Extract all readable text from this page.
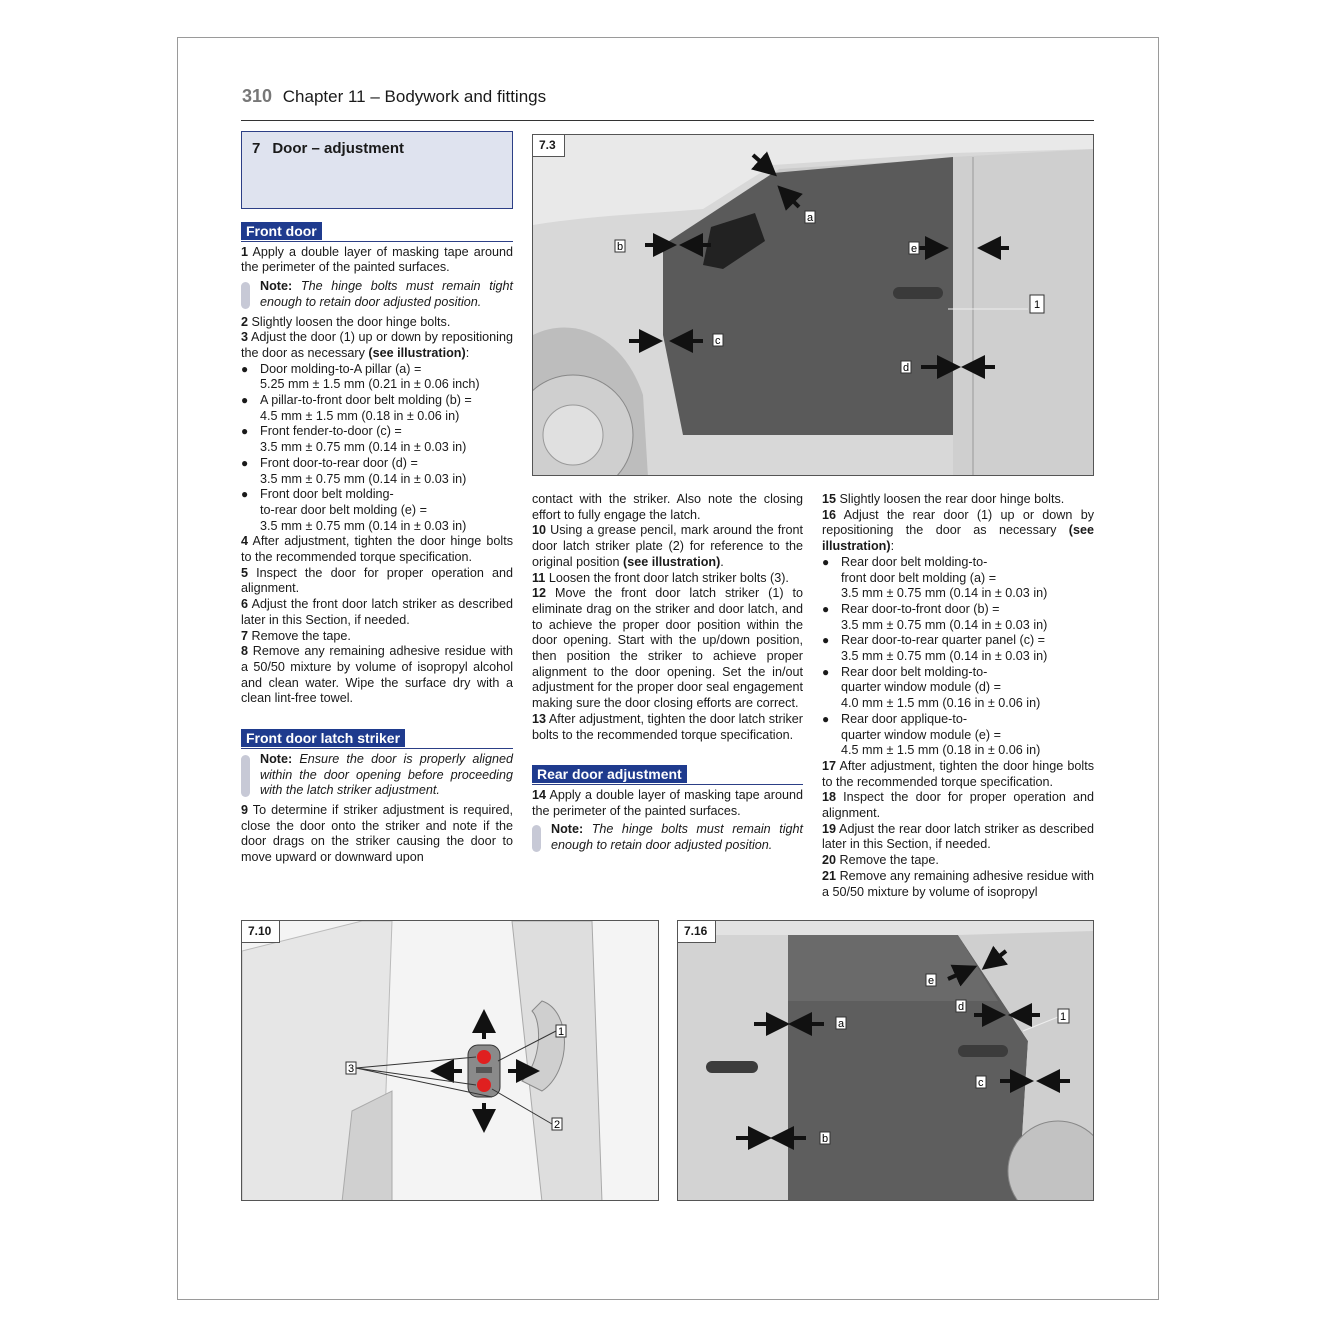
310 Chapter 11 – Bodywork and fittings
7 Door – adjustment
Front door

1 Apply a double layer of masking tape around the perimeter of the painted surfaces.

Note: The hinge bolts must remain tight enough to retain door adjusted position.

2 Slightly loosen the door hinge bolts.

3 Adjust the door (1) up or down by repositioning the door as necessary (see illustration):

● Door molding-to-A pillar (a) =
5.25 mm ± 1.5 mm (0.21 in ± 0.06 inch)
● A pillar-to-front door belt molding (b) =
4.5 mm ± 1.5 mm (0.18 in ± 0.06 in)
● Front fender-to-door (c) =
3.5 mm ± 0.75 mm (0.14 in ± 0.03 in)
● Front door-to-rear door (d) =
3.5 mm ± 0.75 mm (0.14 in ± 0.03 in)
● Front door belt molding-
to-rear door belt molding (e) =
3.5 mm ± 0.75 mm (0.14 in ± 0.03 in)

4 After adjustment, tighten the door hinge bolts to the recommended torque specification.

5 Inspect the door for proper operation and alignment.

6 Adjust the front door latch striker as described later in this Section, if needed.

7 Remove the tape.

8 Remove any remaining adhesive residue with a 50/50 mixture by volume of isopropyl alcohol and clean water. Wipe the surface dry with a clean lint-free towel.

Front door latch striker
Note: Ensure the door is properly aligned within the door opening before proceeding with the latch striker adjustment.

9 To determine if striker adjustment is required, close the door onto the striker and note if the door drags on the striker causing the door to move upward or downward upon

contact with the striker. Also note the closing effort to fully engage the latch.

10 Using a grease pencil, mark around the front door latch striker plate (2) for reference to the original position (see illustration).

11 Loosen the front door latch striker bolts (3).

12 Move the front door latch striker (1) to eliminate drag on the striker and door latch, and to achieve the proper door position within the door opening. Start with the up/down position, then position the striker to achieve proper alignment to the door opening. Set the in/out adjustment for the proper door seal engagement making sure the door closing efforts are correct.

13 After adjustment, tighten the door latch striker bolts to the recommended torque specification.

Rear door adjustment

14 Apply a double layer of masking tape around the perimeter of the painted surfaces.

Note: The hinge bolts must remain tight enough to retain door adjusted position.

15 Slightly loosen the rear door hinge bolts.

16 Adjust the rear door (1) up or down by repositioning the door as necessary (see illustration):

● Rear door belt molding-to-
front door belt molding (a) =
3.5 mm ± 0.75 mm (0.14 in ± 0.03 in)
● Rear door-to-front door (b) =
3.5 mm ± 0.75 mm (0.14 in ± 0.03 in)
● Rear door-to-rear quarter panel (c) =
3.5 mm ± 0.75 mm (0.14 in ± 0.03 in)
● Rear door belt molding-to-
quarter window module (d) =
4.0 mm ± 1.5 mm (0.16 in ± 0.06 in)
● Rear door applique-to-
quarter window module (e) =
4.5 mm ± 1.5 mm (0.18 in ± 0.06 in)

17 After adjustment, tighten the door hinge bolts to the recommended torque specification.

18 Inspect the door for proper operation and alignment.

19 Adjust the rear door latch striker as described later in this Section, if needed.

20 Remove the tape.

21 Remove any remaining adhesive residue with a 50/50 mixture by volume of isopropyl

7.3
a
b
c
d
e
1
7.10
1
2
3
7.16
a
b
c
d
e
1
